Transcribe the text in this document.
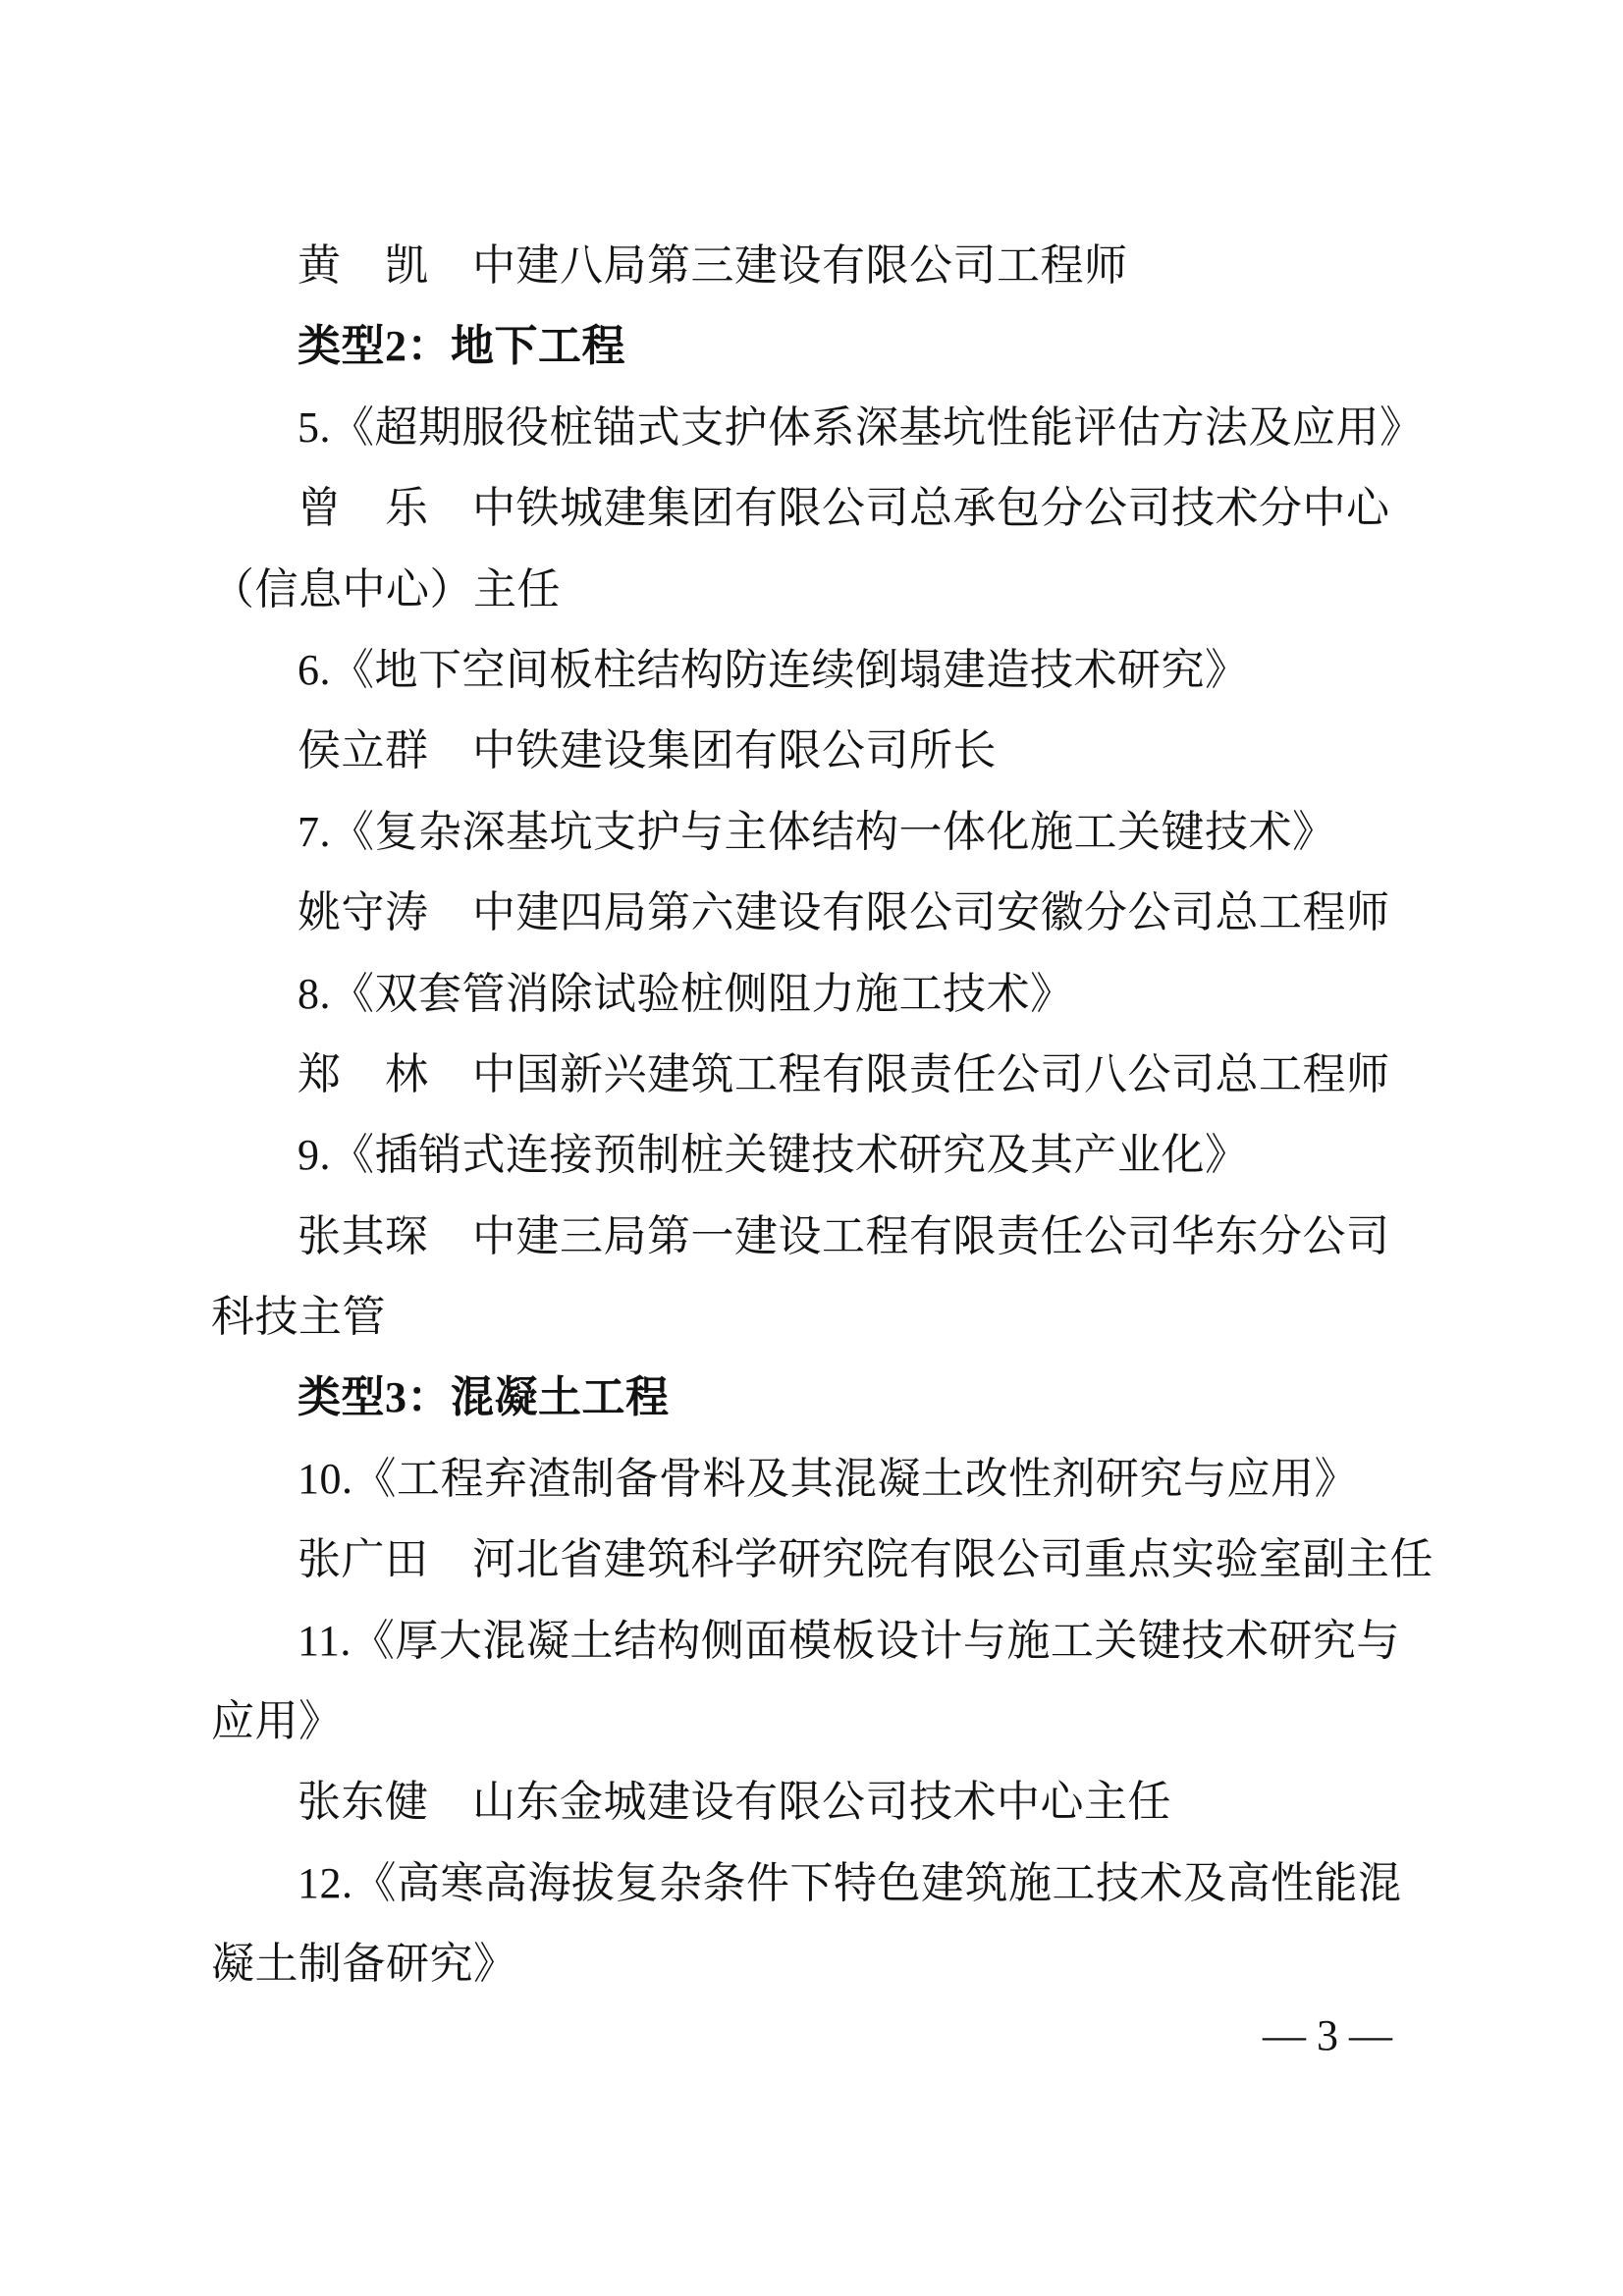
黄　凯　中建八局第三建设有限公司工程师

类型2：地下工程

5.《超期服役桩锚式支护体系深基坑性能评估方法及应用》

曾　乐　中铁城建集团有限公司总承包分公司技术分中心

（信息中心）主任

6.《地下空间板柱结构防连续倒塌建造技术研究》

侯立群　中铁建设集团有限公司所长

7.《复杂深基坑支护与主体结构一体化施工关键技术》

姚守涛　中建四局第六建设有限公司安徽分公司总工程师

8.《双套管消除试验桩侧阻力施工技术》

郑　林　中国新兴建筑工程有限责任公司八公司总工程师

9.《插销式连接预制桩关键技术研究及其产业化》

张其琛　中建三局第一建设工程有限责任公司华东分公司

科技主管

类型3：混凝土工程

10.《工程弃渣制备骨料及其混凝土改性剂研究与应用》

张广田　河北省建筑科学研究院有限公司重点实验室副主任

11.《厚大混凝土结构侧面模板设计与施工关键技术研究与

应用》

张东健　山东金城建设有限公司技术中心主任

12.《高寒高海拔复杂条件下特色建筑施工技术及高性能混

凝土制备研究》

— 3 —
